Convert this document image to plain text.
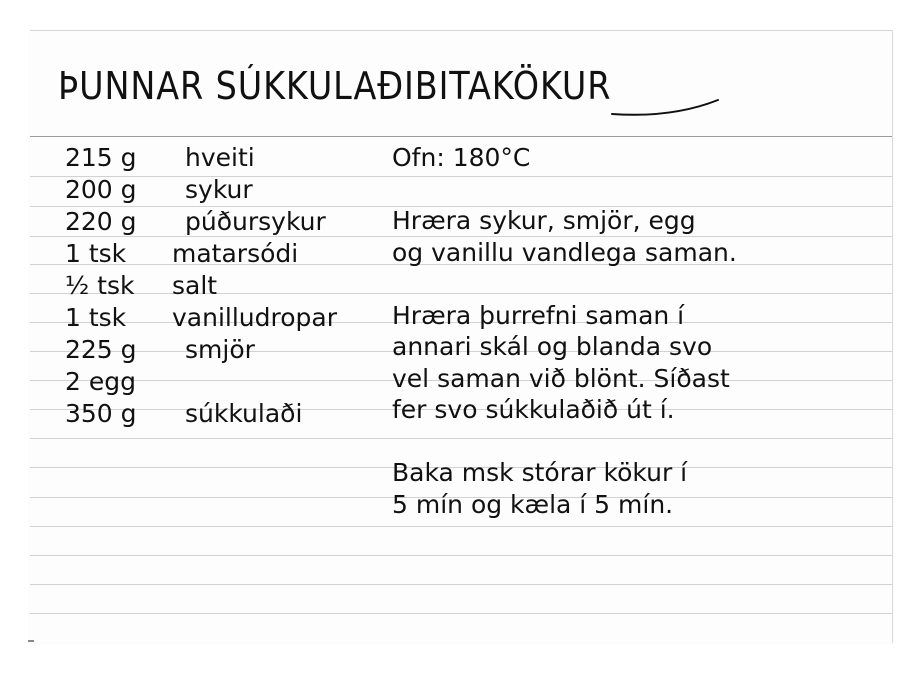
ÞUNNAR SÚKKULAÐIBITAKÖKUR
215 g hveiti
200 g sykur
220 g púðursykur
1 tsk matarsódi
½ tsk salt
1 tsk vanilludropar
225 g smjör
2 egg
350 g súkkulaði
Ofn: 180°C
Hræra sykur, smjör, egg
og vanillu vandlega saman.
Hræra þurrefni saman í
annari skál og blanda svo
vel saman við blönt. Síðast
fer svo súkkulaðið út í.
Baka msk stórar kökur í
5 mín og kæla í 5 mín.
